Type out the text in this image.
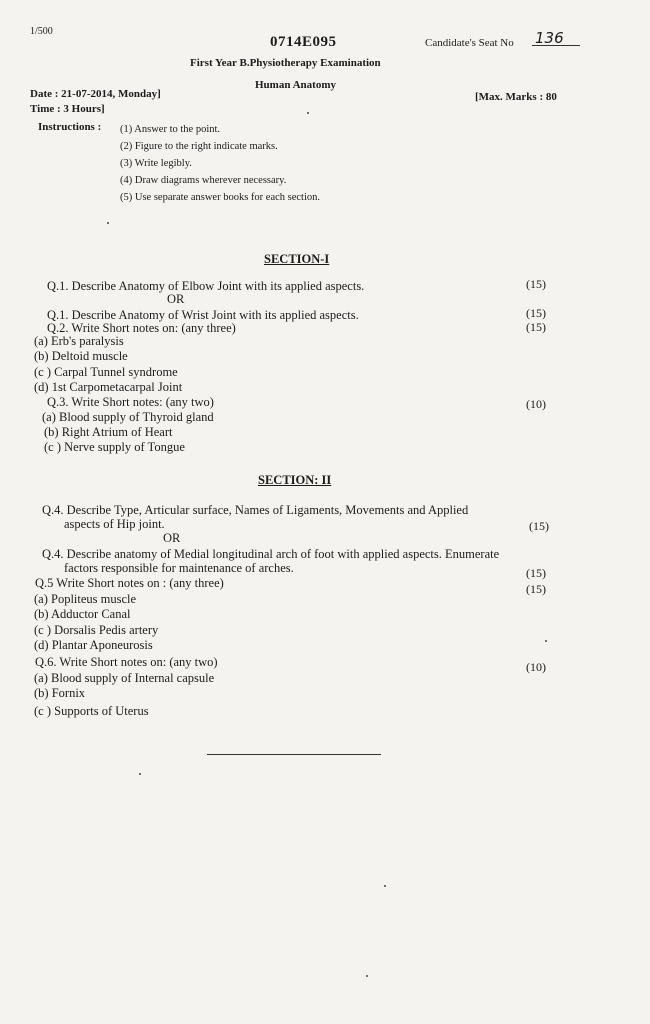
1/500
0714E095	Candidate's Seat No 136
First Year B.Physiotherapy Examination
Human Anatomy
Date : 21-07-2014, Monday]
Time : 3 Hours]
[Max. Marks : 80
Instructions : (1) Answer to the point.
(2) Figure to the right indicate marks.
(3) Write legibly.
(4) Draw diagrams wherever necessary.
(5) Use separate answer books for each section.
SECTION-I
Q.1. Describe Anatomy of Elbow Joint with its applied aspects.	(15)
OR
Q.1. Describe Anatomy of Wrist Joint with its applied aspects.	(15)
Q.2. Write Short notes on: (any three)	(15)
(a) Erb's paralysis
(b) Deltoid muscle
(c ) Carpal Tunnel syndrome
(d) 1st Carpometacarpal Joint
Q.3. Write Short notes: (any two)	(10)
(a) Blood supply of Thyroid gland
(b) Right Atrium of Heart
(c ) Nerve supply of Tongue
SECTION: II
Q.4. Describe Type, Articular surface, Names of Ligaments, Movements and Applied
aspects of Hip joint.	(15)
OR
Q.4. Describe anatomy of Medial longitudinal arch of foot with applied aspects. Enumerate
factors responsible for maintenance of arches.	(15)
Q.5 Write Short notes on : (any three)	(15)
(a) Popliteus muscle
(b) Adductor Canal
(c ) Dorsalis Pedis artery
(d) Plantar Aponeurosis
Q.6. Write Short notes on: (any two)	(10)
(a) Blood supply of Internal capsule
(b) Fornix
(c ) Supports of Uterus
